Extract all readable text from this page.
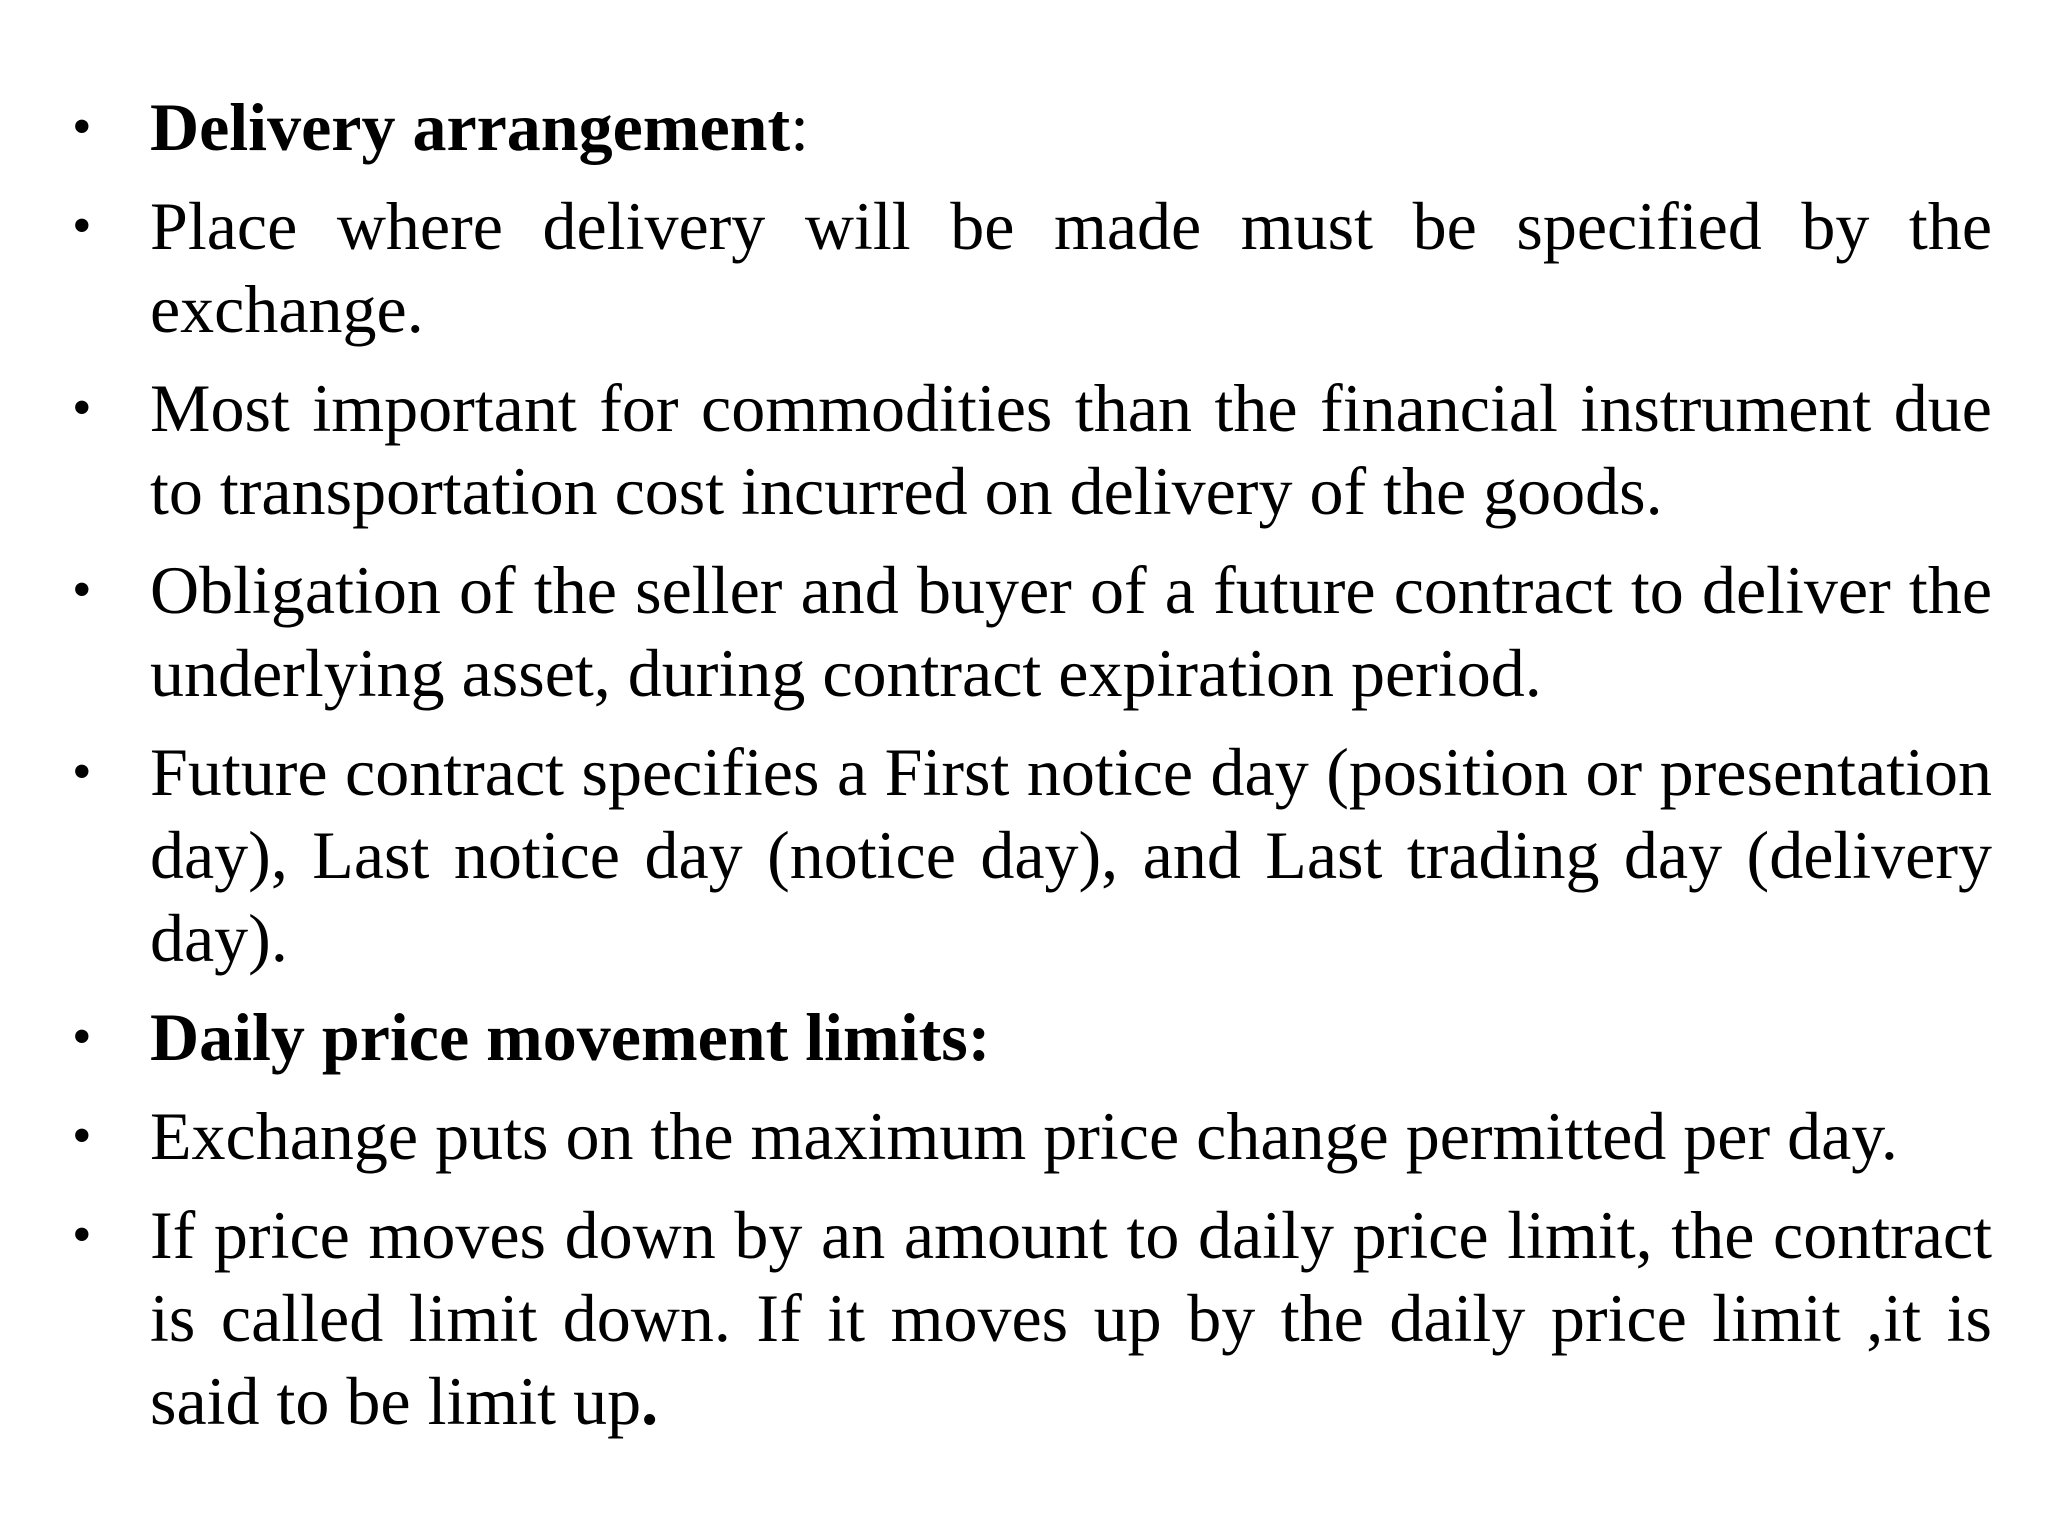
• Delivery arrangement:
• Place where delivery will be made must be specified by the exchange.
• Most important for commodities than the financial instrument due to transportation cost incurred on delivery of the goods.
• Obligation of the seller and buyer of a future contract to deliver the underlying asset, during contract expiration period.
• Future contract specifies a First notice day (position or presentation day), Last notice day (notice day), and Last trading day (delivery day).
• Daily price movement limits:
• Exchange puts on the maximum price change permitted per day.
• If price moves down by an amount to daily price limit, the contract is called limit down. If it moves up by the daily price limit ,it is said to be limit up.
